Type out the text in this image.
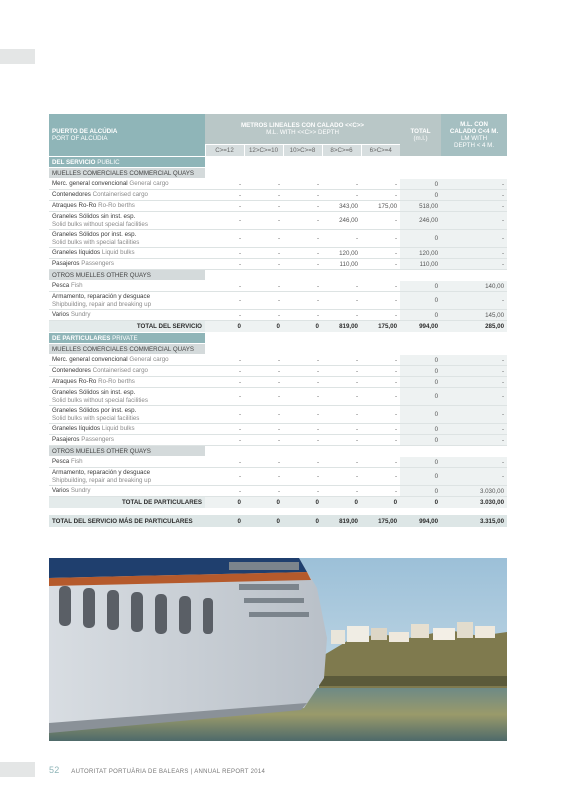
PUERTO DE ALCÚDIA
PORT OF ALCÚDIA	METROS LINEALES CON CALADO <<C>>
M.L. WITH <<C>> DEPTH					TOTAL
(m.l.)	M.L. CON
CALADO C<4 M.
LM WITH
DEPTH < 4 M.

	C>=12	12>C>=10	10>C>=8	8>C>=6	6>C>=4		
DEL SERVICIO PUBLIC							
MUELLES COMERCIALES COMMERCIAL QUAYS							
Merc. general convencional General cargo	-	-	-	-	-	0	-
Contenedores Containerised cargo	-	-	-	-	-	0	-
Atraques Ro-Ro Ro-Ro berths	-	-	-	343,00	175,00	518,00	-
Graneles Sólidos sin inst. esp.
Solid bulks without special facilities	-	-	-	246,00	-	246,00	-
Graneles Sólidos por inst. esp.
Solid bulks with special facilities	-	-	-	-	-	0	-
Graneles líquidos Liquid bulks	-	-	-	120,00	-	120,00	-
Pasajeros Passengers	-	-	-	110,00	-	110,00	-
OTROS MUELLES OTHER QUAYS							
Pesca Fish	-	-	-	-	-	0	140,00
Armamento, reparación y desguace
Shipbuilding, repair and breaking up	-	-	-	-	-	0	-
Varios Sundry	-	-	-	-	-	0	145,00
TOTAL DEL SERVICIO	0	0	0	819,00	175,00	994,00	285,00
DE PARTICULARES PRIVATE							
MUELLES COMERCIALES COMMERCIAL QUAYS							
Merc. general convencional General cargo	-	-	-	-	-	0	-
Contenedores Containerised cargo	-	-	-	-	-	0	-
Atraques Ro-Ro Ro-Ro berths	-	-	-	-	-	0	-
Graneles Sólidos sin inst. esp.
Solid bulks without special facilities	-	-	-	-	-	0	-
Graneles Sólidos por inst. esp.
Solid bulks with special facilities	-	-	-	-	-	0	-
Graneles líquidos Liquid bulks	-	-	-	-	-	0	-
Pasajeros Passengers	-	-	-	-	-	0	-
OTROS MUELLES OTHER QUAYS							
Pesca Fish	-	-	-	-	-	0	-
Armamento, reparación y desguace
Shipbuilding, repair and breaking up	-	-	-	-	-	0	-
Varios Sundry	-	-	-	-	-	0	3.030,00
TOTAL DE PARTICULARES	0	0	0	0	0	0	3.030,00

TOTAL DEL SERVICIO MÁS DE PARTICULARES	0	0	0	819,00	175,00	994,00	3.315,00
52 AUTORITAT PORTUÀRIA DE BALEARS | ANNUAL REPORT 2014
